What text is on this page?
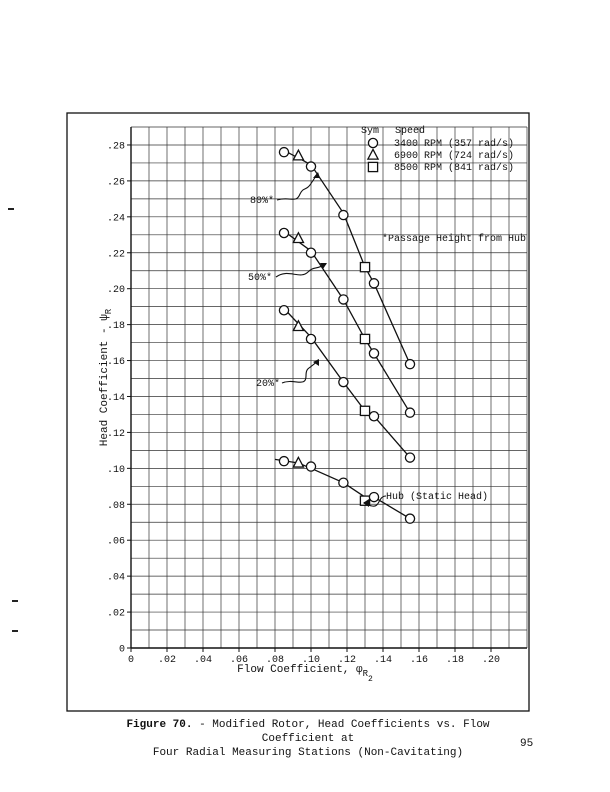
0 .02 .04 .06 .08 .10 .12 .14 .16 .18 .20
0
.02
.04
.06
.08
.10
.12
.14
.16
.18
.20
.22
.24
.26
.28
Flow Coefficient, $\varphi_{R2}$
Head Coefficient - $\psi_R$
80%*
50%*
20%*
Hub (Static Head)
*Passage Height from Hub
Sym Speed
3400 RPM (357 rad/s)
6900 RPM (724 rad/s)
8500 RPM (841 rad/s)
Figure 70. - Modified Rotor, Head Coefficients vs. Flow Coefficient at
Four Radial Measuring Stations (Non-Cavitating)
95
